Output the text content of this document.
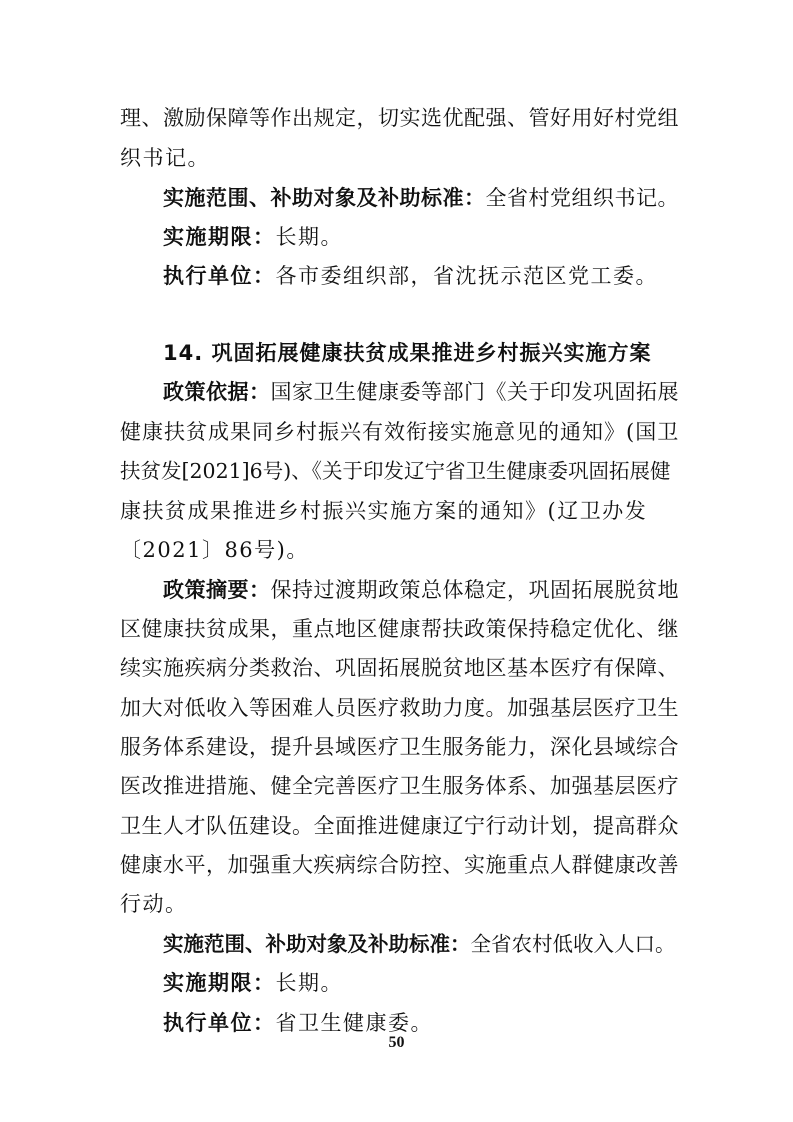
理、激励保障等作出规定，切实选优配强、管好用好村党组
织书记。
实施范围、补助对象及补助标准：全省村党组织书记。
实施期限：长期。
执行单位：各市委组织部，省沈抚示范区党工委。
14. 巩固拓展健康扶贫成果推进乡村振兴实施方案
政策依据：国家卫生健康委等部门《关于印发巩固拓展
健康扶贫成果同乡村振兴有效衔接实施意见的通知》(国卫
扶贫发[2021]6号)、《关于印发辽宁省卫生健康委巩固拓展健
康扶贫成果推进乡村振兴实施方案的通知》(辽卫办发
〔2021〕86号)。
政策摘要：保持过渡期政策总体稳定，巩固拓展脱贫地
区健康扶贫成果，重点地区健康帮扶政策保持稳定优化、继
续实施疾病分类救治、巩固拓展脱贫地区基本医疗有保障、
加大对低收入等困难人员医疗救助力度。加强基层医疗卫生
服务体系建设，提升县域医疗卫生服务能力，深化县域综合
医改推进措施、健全完善医疗卫生服务体系、加强基层医疗
卫生人才队伍建设。全面推进健康辽宁行动计划，提高群众
健康水平，加强重大疾病综合防控、实施重点人群健康改善
行动。
实施范围、补助对象及补助标准：全省农村低收入人口。
实施期限：长期。
执行单位：省卫生健康委。
50
